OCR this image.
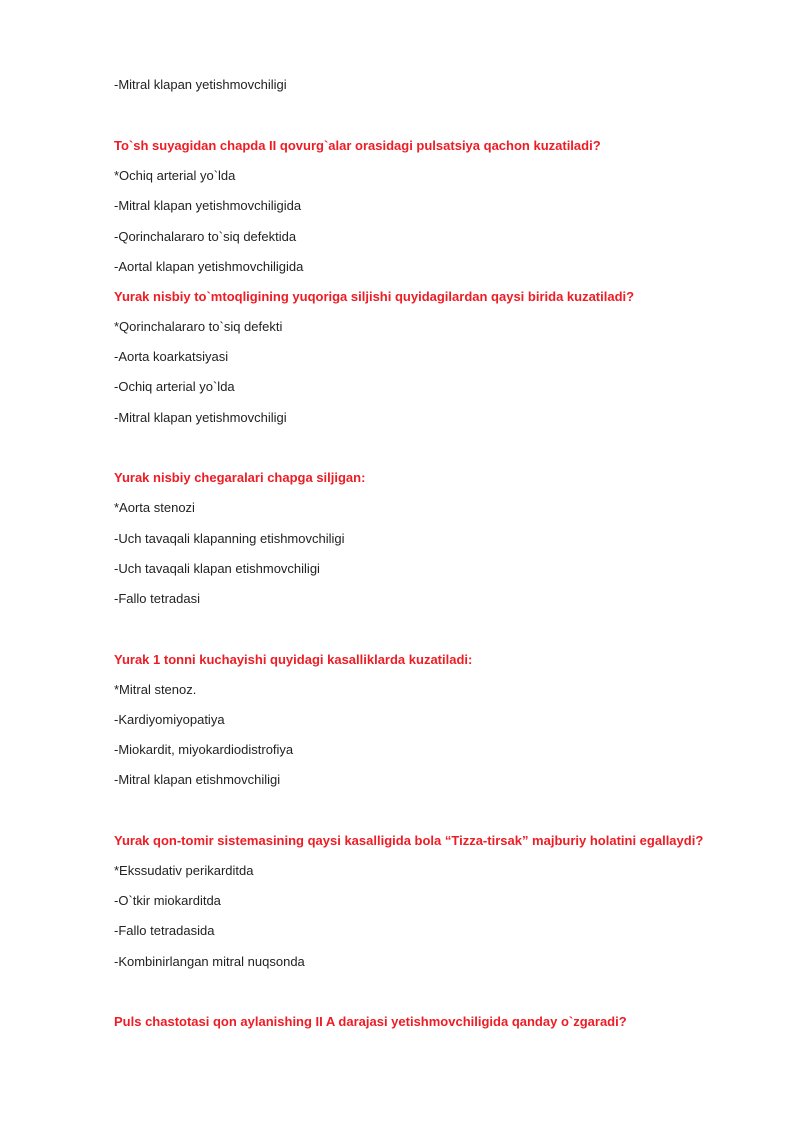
-Mitral klapan yetishmovchiligi
To`sh suyagidan chapda II qovurg`alar orasidagi pulsatsiya qachon kuzatiladi?
*Ochiq arterial yo`lda
-Mitral klapan yetishmovchiligida
-Qorinchalararo to`siq defektida
-Aortal klapan yetishmovchiligida
Yurak nisbiy to`mtoqligining yuqoriga siljishi quyidagilardan qaysi birida kuzatiladi?
*Qorinchalararo to`siq defekti
-Aorta koarkatsiyasi
-Ochiq arterial yo`lda
-Mitral klapan yetishmovchiligi
Yurak nisbiy chegaralari chapga siljigan:
*Aorta stenozi
-Uch tavaqali klapanning etishmovchiligi
-Uch tavaqali klapan etishmovchiligi
-Fallo tetradasi
Yurak 1 tonni kuchayishi quyidagi kasalliklarda kuzatiladi:
*Mitral stenoz.
-Kardiyomiyopatiya
-Miokardit, miyokardiodistrofiya
-Mitral klapan etishmovchiligi
Yurak qon-tomir sistemasining qaysi kasalligida bola “Tizza-tirsak” majburiy holatini egallaydi?
*Ekssudativ perikarditda
-O`tkir miokarditda
-Fallo tetradasida
-Kombinirlangan mitral nuqsonda
Puls chastotasi qon aylanishing II A darajasi yetishmovchiligida qanday o`zgaradi?
